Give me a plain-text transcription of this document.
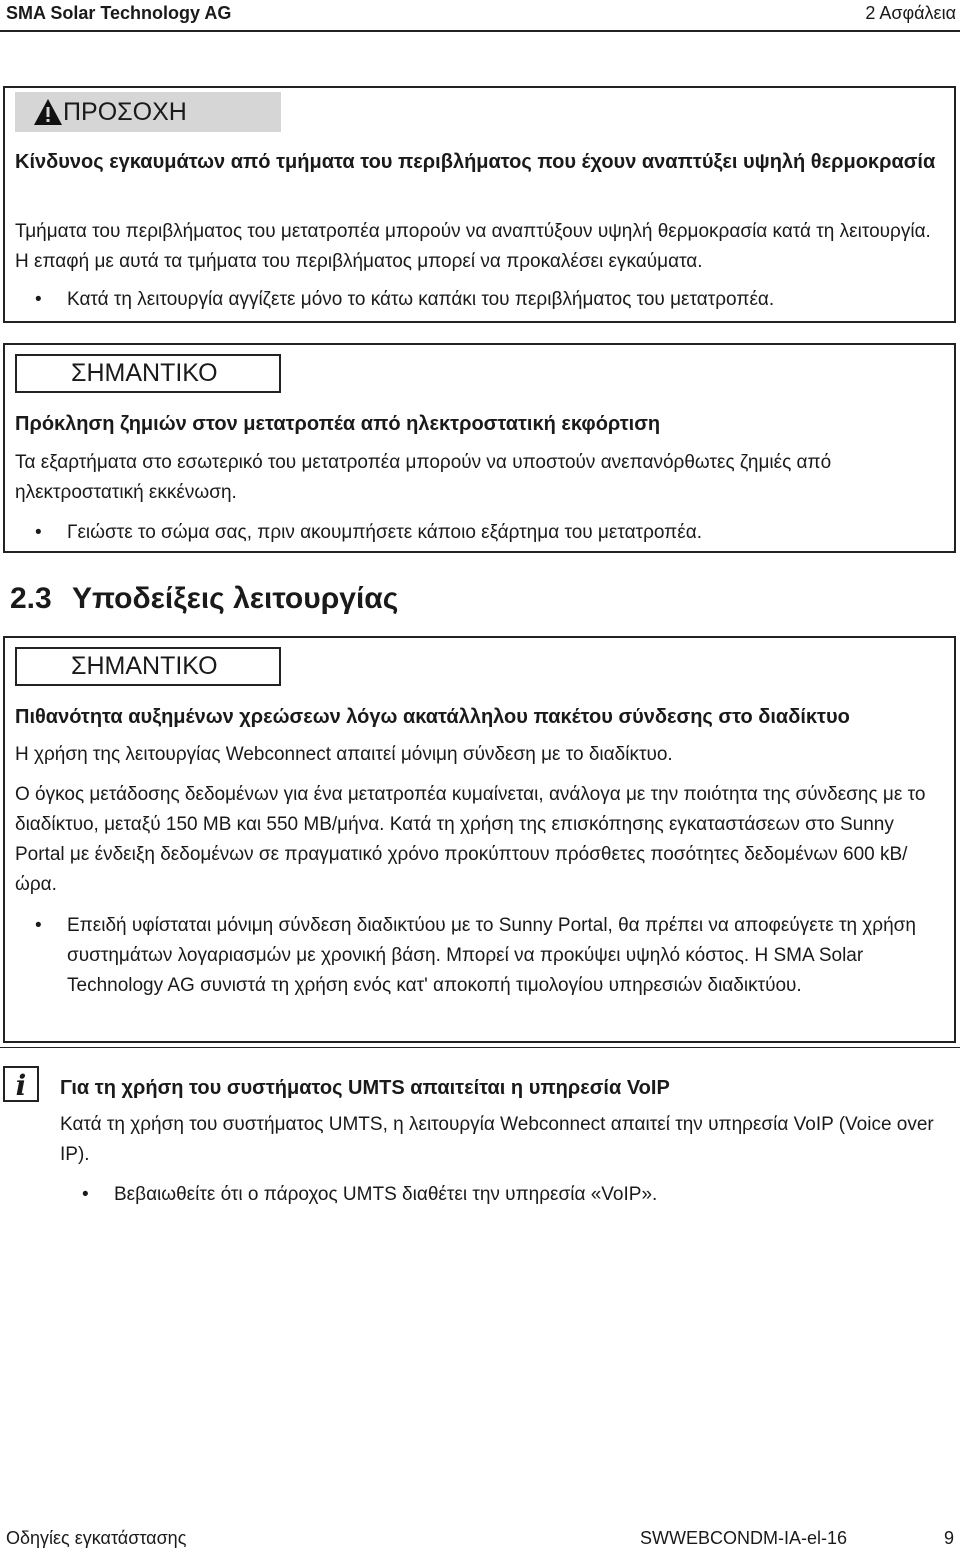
SMA Solar Technology AG	2 Ασφάλεια
ΠΡΟΣΟΧΗ
Κίνδυνος εγκαυμάτων από τμήματα του περιβλήματος που έχουν αναπτύξει υψηλή θερμοκρασία
Τμήματα του περιβλήματος του μετατροπέα μπορούν να αναπτύξουν υψηλή θερμοκρασία κατά τη λειτουργία. Η επαφή με αυτά τα τμήματα του περιβλήματος μπορεί να προκαλέσει εγκαύματα.
• Κατά τη λειτουργία αγγίζετε μόνο το κάτω καπάκι του περιβλήματος του μετατροπέα.
ΣΗΜΑΝΤΙΚΟ
Πρόκληση ζημιών στον μετατροπέα από ηλεκτροστατική εκφόρτιση
Τα εξαρτήματα στο εσωτερικό του μετατροπέα μπορούν να υποστούν ανεπανόρθωτες ζημιές από ηλεκτροστατική εκκένωση.
• Γειώστε το σώμα σας, πριν ακουμπήσετε κάποιο εξάρτημα του μετατροπέα.
2.3 Υποδείξεις λειτουργίας
ΣΗΜΑΝΤΙΚΟ
Πιθανότητα αυξημένων χρεώσεων λόγω ακατάλληλου πακέτου σύνδεσης στο διαδίκτυο
Η χρήση της λειτουργίας Webconnect απαιτεί μόνιμη σύνδεση με το διαδίκτυο.
Ο όγκος μετάδοσης δεδομένων για ένα μετατροπέα κυμαίνεται, ανάλογα με την ποιότητα της σύνδεσης με το διαδίκτυο, μεταξύ 150 MB και 550 MB/μήνα. Κατά τη χρήση της επισκόπησης εγκαταστάσεων στο Sunny Portal με ένδειξη δεδομένων σε πραγματικό χρόνο προκύπτουν πρόσθετες ποσότητες δεδομένων 600 kB/ώρα.
• Επειδή υφίσταται μόνιμη σύνδεση διαδικτύου με το Sunny Portal, θα πρέπει να αποφεύγετε τη χρήση συστημάτων λογαριασμών με χρονική βάση. Μπορεί να προκύψει υψηλό κόστος. Η SMA Solar Technology AG συνιστά τη χρήση ενός κατ' αποκοπή τιμολογίου υπηρεσιών διαδικτύου.
i	Για τη χρήση του συστήματος UMTS απαιτείται η υπηρεσία VoIP
Κατά τη χρήση του συστήματος UMTS, η λειτουργία Webconnect απαιτεί την υπηρεσία VoIP (Voice over IP).
• Βεβαιωθείτε ότι ο πάροχος UMTS διαθέτει την υπηρεσία «VoIP».
Οδηγίες εγκατάστασης	SWWEBCONDM-IA-el-16	9
